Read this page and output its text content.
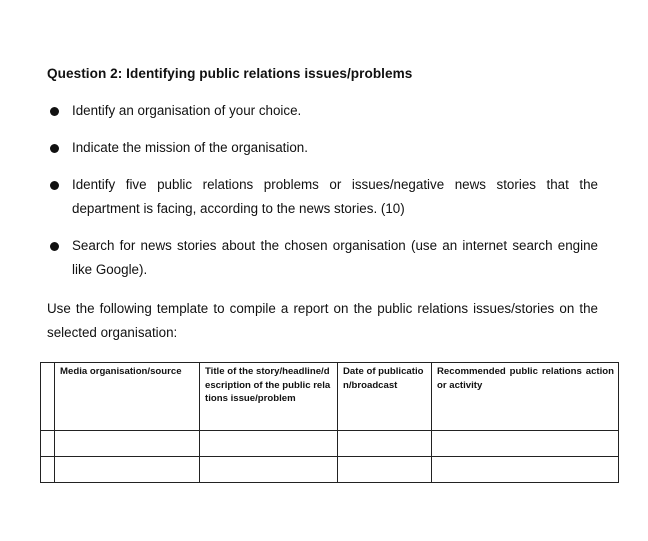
Question 2: Identifying public relations issues/problems
Identify an organisation of your choice.
Indicate the mission of the organisation.
Identify five public relations problems or issues/negative news stories that the department is facing, according to the news stories. (10)
Search for news stories about the chosen organisation (use an internet search engine like Google).
Use the following template to compile a report on the public relations issues/stories on the selected organisation:

	Media organisation/source	Title of the story/headline/description of the public relations issue/problem	Date of publication/broadcast	Recommended public relations action or activity
